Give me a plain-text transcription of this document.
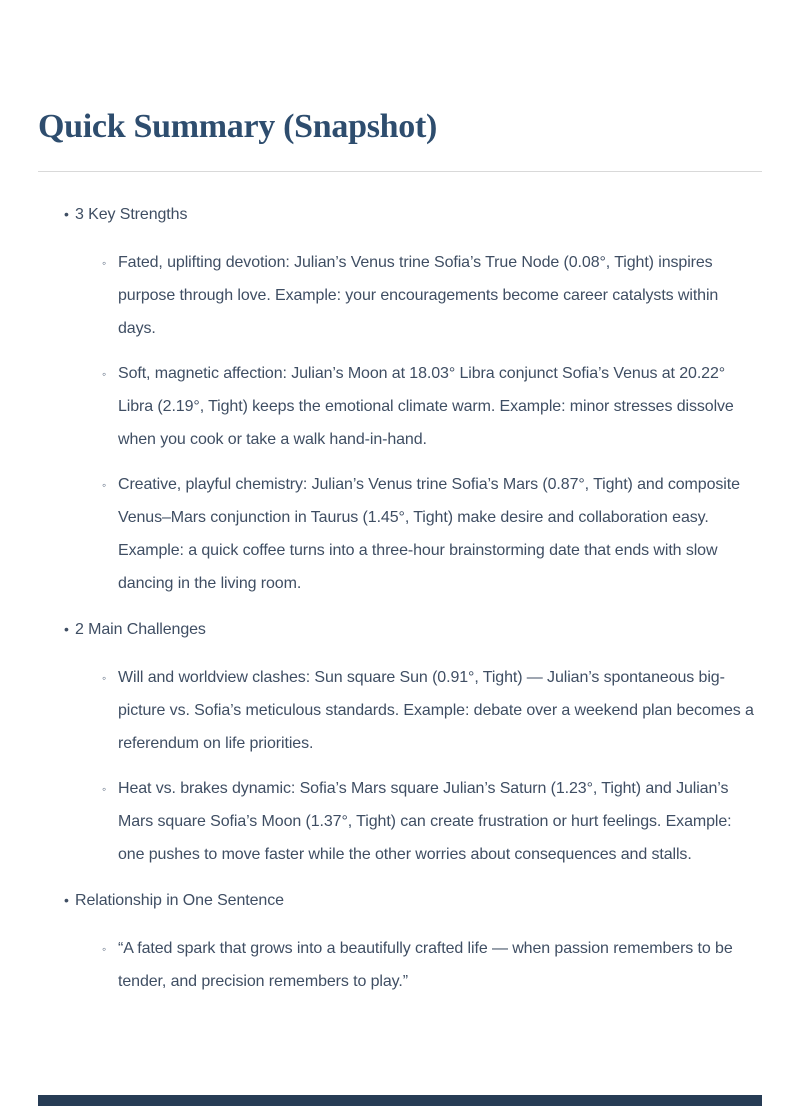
Quick Summary (Snapshot)
• 3 Key Strengths
◦ Fated, uplifting devotion: Julian’s Venus trine Sofia’s True Node (0.08°, Tight) inspires purpose through love. Example: your encouragements become career catalysts within days.
◦ Soft, magnetic affection: Julian’s Moon at 18.03° Libra conjunct Sofia’s Venus at 20.22° Libra (2.19°, Tight) keeps the emotional climate warm. Example: minor stresses dissolve when you cook or take a walk hand-in-hand.
◦ Creative, playful chemistry: Julian’s Venus trine Sofia’s Mars (0.87°, Tight) and composite Venus–Mars conjunction in Taurus (1.45°, Tight) make desire and collaboration easy. Example: a quick coffee turns into a three-hour brainstorming date that ends with slow dancing in the living room.
• 2 Main Challenges
◦ Will and worldview clashes: Sun square Sun (0.91°, Tight) — Julian’s spontaneous big-picture vs. Sofia’s meticulous standards. Example: debate over a weekend plan becomes a referendum on life priorities.
◦ Heat vs. brakes dynamic: Sofia’s Mars square Julian’s Saturn (1.23°, Tight) and Julian’s Mars square Sofia’s Moon (1.37°, Tight) can create frustration or hurt feelings. Example: one pushes to move faster while the other worries about consequences and stalls.
• Relationship in One Sentence
◦ “A fated spark that grows into a beautifully crafted life — when passion remembers to be tender, and precision remembers to play.”
